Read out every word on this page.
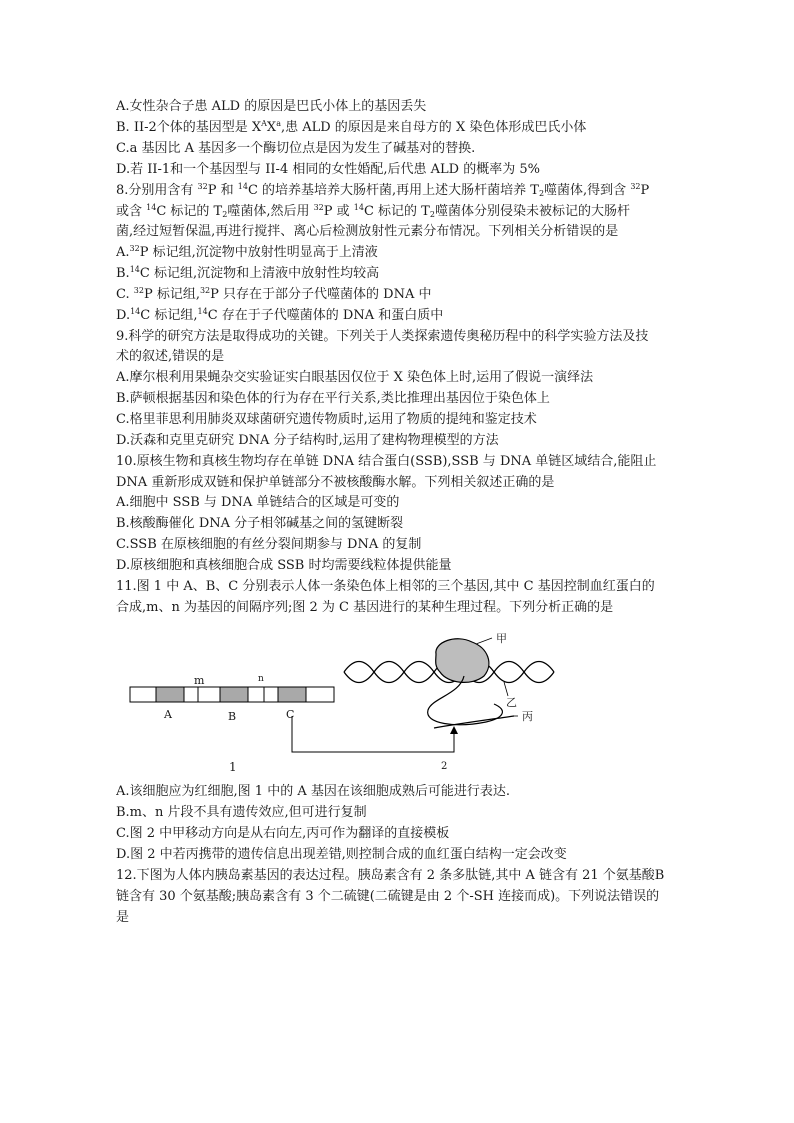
A.女性杂合子患 ALD 的原因是巴氏小体上的基因丢失
B. II-2个体的基因型是 $X^AX^a$,患 ALD 的原因是来自母方的 X 染色体形成巴氏小体
C.a 基因比 A 基因多一个酶切位点是因为发生了碱基对的替换.
D.若 II-1和一个基因型与 II-4 相同的女性婚配,后代患 ALD 的概率为 5%
8.分别用含有 $^{32}$P 和 $^{14}$C 的培养基培养大肠杆菌,再用上述大肠杆菌培养 $T_2$噬菌体,得到含 $^{32}$P
或含 $^{14}$C 标记的 $T_2$噬菌体,然后用 $^{32}$P 或 $^{14}$C 标记的 $T_2$噬菌体分别侵染未被标记的大肠杆
菌,经过短暂保温,再进行搅拌、离心后检测放射性元素分布情况。下列相关分析错误的是
A.$^{32}$P 标记组,沉淀物中放射性明显高于上清液
B.$^{14}$C 标记组,沉淀物和上清液中放射性均较高
C. $^{32}$P 标记组,$^{32}$P 只存在于部分子代噬菌体的 DNA 中
D.$^{14}$C 标记组,$^{14}$C 存在于子代噬菌体的 DNA 和蛋白质中
9.科学的研究方法是取得成功的关键。下列关于人类探索遗传奥秘历程中的科学实验方法及技
术的叙述,错误的是
A.摩尔根利用果蝇杂交实验证实白眼基因仅位于 X 染色体上时,运用了假说一演绎法
B.萨顿根据基因和染色体的行为存在平行关系,类比推理出基因位于染色体上
C.格里菲思利用肺炎双球菌研究遗传物质时,运用了物质的提纯和鉴定技术
D.沃森和克里克研究 DNA 分子结构时,运用了建构物理模型的方法
10.原核生物和真核生物均存在单链 DNA 结合蛋白(SSB),SSB 与 DNA 单链区域结合,能阻止
DNA 重新形成双链和保护单链部分不被核酸酶水解。下列相关叙述正确的是
A.细胞中 SSB 与 DNA 单链结合的区域是可变的
B.核酸酶催化 DNA 分子相邻碱基之间的氢键断裂
C.SSB 在原核细胞的有丝分裂间期参与 DNA 的复制
D.原核细胞和真核细胞合成 SSB 时均需要线粒体提供能量
11.图 1 中 A、B、C 分别表示人体一条染色体上相邻的三个基因,其中 C 基因控制血红蛋白的
合成,m、n 为基因的间隔序列;图 2 为 C 基因进行的某种生理过程。下列分析正确的是
A.该细胞应为红细胞,图 1 中的 A 基因在该细胞成熟后可能进行表达.
B.m、n 片段不具有遗传效应,但可进行复制
C.图 2 中甲移动方向是从右向左,丙可作为翻译的直接模板
D.图 2 中若丙携带的遗传信息出现差错,则控制合成的血红蛋白结构一定会改变
12.下图为人体内胰岛素基因的表达过程。胰岛素含有 2 条多肽链,其中 A 链含有 21 个氨基酸B
链含有 30 个氨基酸;胰岛素含有 3 个二硫键(二硫键是由 2 个-SH 连接而成)。下列说法错误的
是
m	n
A	B	C
甲
乙
丙
1	2
